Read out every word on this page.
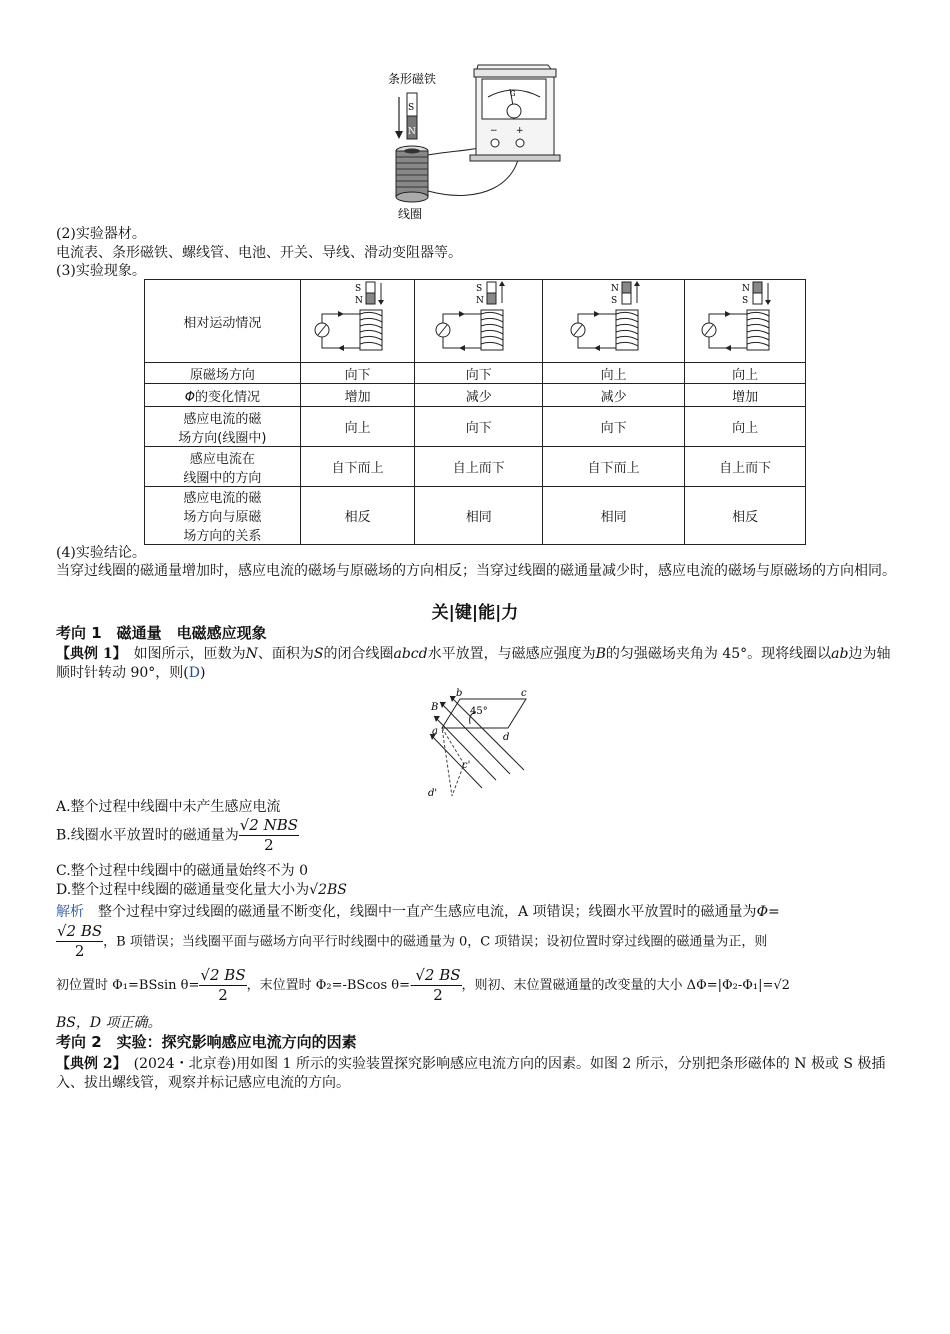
条形磁铁
S
N
线圈
G
− +
(2)实验器材。
电流表、条形磁铁、螺线管、电池、开关、导线、滑动变阻器等。
(3)实验现象。
相对运动情况	S
N	S
N	N
S	N
S

原磁场方向	向下	向下	向上	向上
Φ的变化情况	增加	减少	减少	增加
感应电流的磁
场方向(线圈中)	向上	向下	向下	向上
感应电流在
线圈中的方向	自下而上	自上而下	自下而上	自上而下
感应电流的磁
场方向与原磁
场方向的关系	相反	相同	相同	相反
(4)实验结论。
当穿过线圈的磁通量增加时，感应电流的磁场与原磁场的方向相反；当穿过线圈的磁通量减少时，感应电流的磁场与原磁场的方向相同。
关|键|能|力
考向 1　磁通量　电磁感应现象
【典例 1】　如图所示，匝数为N、面积为S的闭合线圈abcd水平放置，与磁感应强度为B的匀强磁场夹角为 45°。现将线圈以ab边为轴顺时针转动 90°，则(D)
45°
b	c
B
a
d
c'
d'
A.整个过程中线圈中未产生感应电流
B.线圈水平放置时的磁通量为 $\frac{\text{√2 NBS}}{2}$
C.整个过程中线圈中的磁通量始终不为 0
D.整个过程中线圈的磁通量变化量大小为√2BS
解析　整个过程中穿过线圈的磁通量不断变化，线圈中一直产生感应电流，A 项错误；线圈水平放置时的磁通量为Φ=
$\frac{√2 BS}{2}$ ，B 项错误；当线圈平面与磁场方向平行时线圈中的磁通量为 0，C 项错误；设初位置时穿过线圈的磁通量为正，则
初位置时 Φ₁=BSsin $\theta= \frac{√2 BS}{2}$ ，末位置时 Φ₂=-BScos $\theta=- \frac{√2 BS}{2}$ ，则初、末位置磁通量的改变量的大小 ΔΦ=|Φ₂-Φ₁|=√2
BS，D 项正确。
考向 2　实验：探究影响感应电流方向的因素
【典例 2】　(2024・北京卷)用如图 1 所示的实验装置探究影响感应电流方向的因素。如图 2 所示，分别把条形磁体的 N 极或 S 极插入、拔出螺线管，观察并标记感应电流的方向。
